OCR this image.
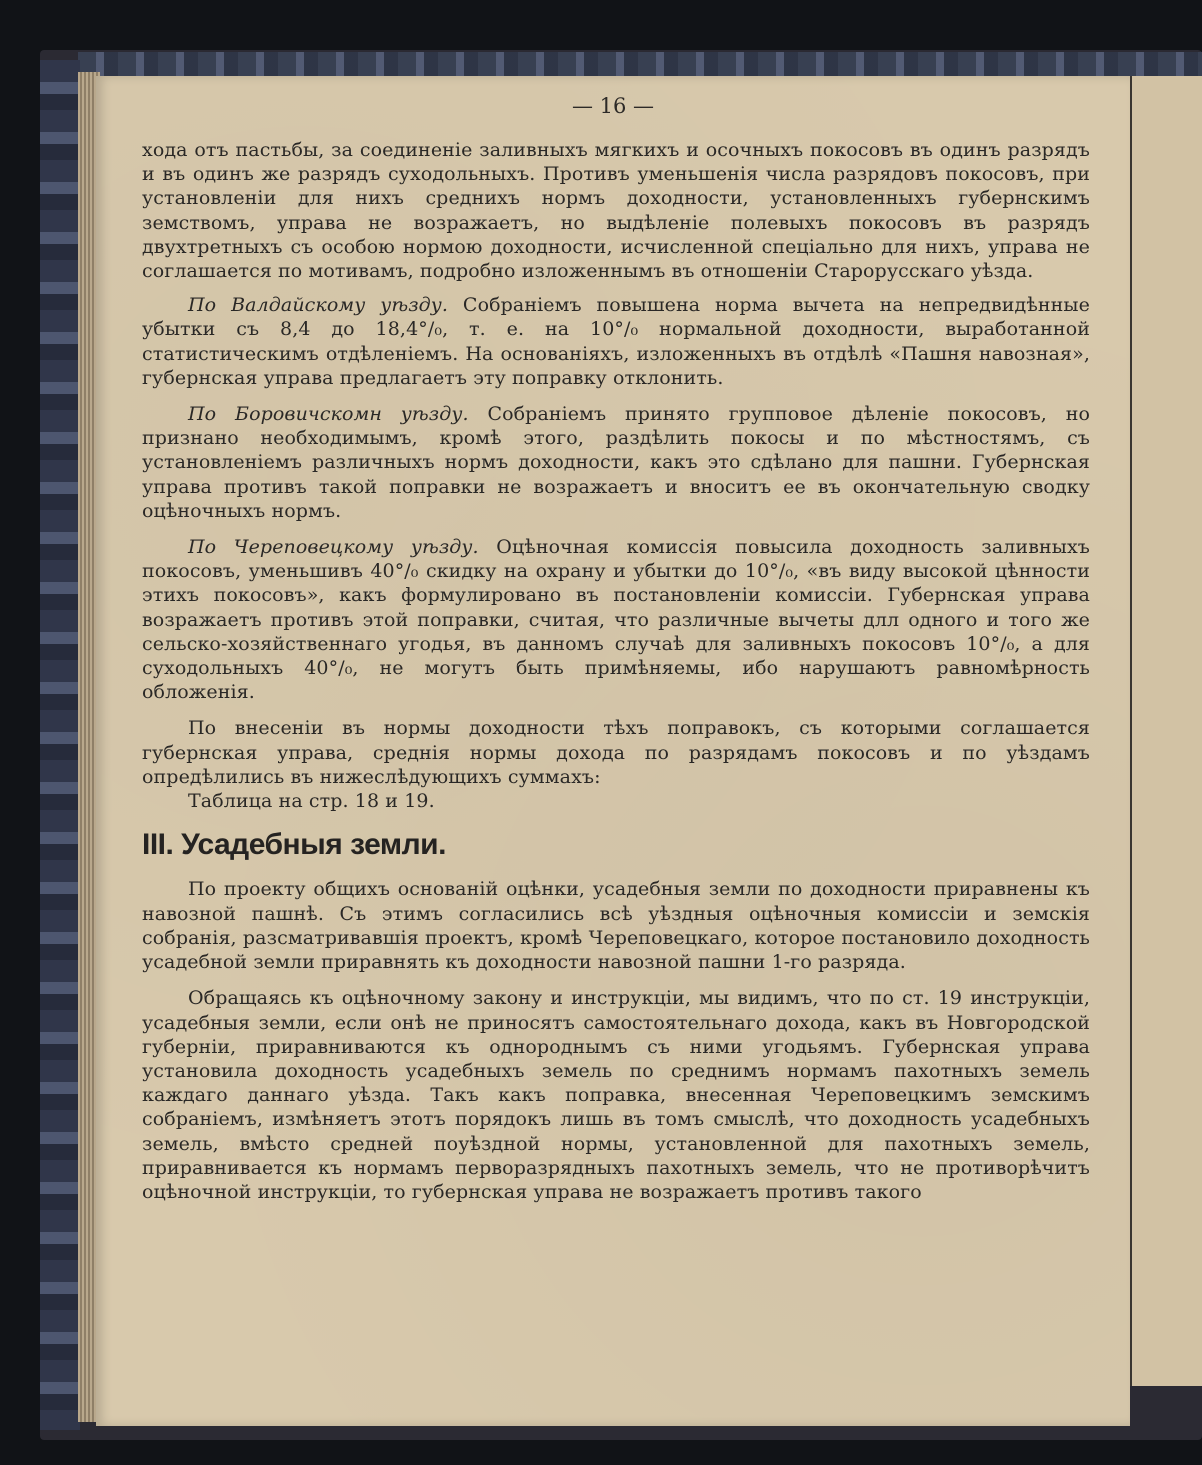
— 16 —

хода отъ пастьбы, за соединеніе заливныхъ мягкихъ и осочныхъ покосовъ въ одинъ разрядъ и въ одинъ же разрядъ суходольныхъ. Противъ уменьшенія числа разрядовъ покосовъ, при установленіи для нихъ среднихъ нормъ доходности, установленныхъ губернскимъ земствомъ, управа не возражаетъ, но выдѣленіе полевыхъ покосовъ въ разрядъ двухтретныхъ съ особою нормою доходности, исчисленной спеціально для нихъ, управа не соглашается по мотивамъ, подробно изложеннымъ въ отношеніи Старорусскаго уѣзда.

По Валдайскому уѣзду. Собраніемъ повышена норма вычета на непредвидѣнные убытки съ 8,4 до 18,4°/₀, т. е. на 10°/₀ нормальной доходности, выработанной статистическимъ отдѣленіемъ. На основаніяхъ, изложенныхъ въ отдѣлѣ «Пашня навозная», губернская управа предлагаетъ эту поправку отклонить.

По Боровичскомн уѣзду. Собраніемъ принято групповое дѣленіе покосовъ, но признано необходимымъ, кромѣ этого, раздѣлить покосы и по мѣстностямъ, съ установленіемъ различныхъ нормъ доходности, какъ это сдѣлано для пашни. Губернская управа противъ такой поправки не возражаетъ и вноситъ ее въ окончательную сводку оцѣночныхъ нормъ.

По Череповецкому уѣзду. Оцѣночная комиссія повысила доходность заливныхъ покосовъ, уменьшивъ 40°/₀ скидку на охрану и убытки до 10°/₀, «въ виду высокой цѣнности этихъ покосовъ», какъ формулировано въ постановленіи комиссіи. Губернская управа возражаетъ противъ этой поправки, считая, что различные вычеты длл одного и того же сельско-хозяйственнаго угодья, въ данномъ случаѣ для заливныхъ покосовъ 10°/₀, а для суходольныхъ 40°/₀, не могутъ быть примѣняемы, ибо нарушаютъ равномѣрность обложенія.

По внесеніи въ нормы доходности тѣхъ поправокъ, съ которыми соглашается губернская управа, среднія нормы дохода по разрядамъ покосовъ и по уѣздамъ опредѣлились въ нижеслѣдующихъ суммахъ:

Таблица на стр. 18 и 19.

III. Усадебныя земли.

По проекту общихъ основаній оцѣнки, усадебныя земли по доходности приравнены къ навозной пашнѣ. Съ этимъ согласились всѣ уѣздныя оцѣночныя комиссіи и земскія собранія, разсматривавшія проектъ, кромѣ Череповецкаго, которое постановило доходность усадебной земли приравнять къ доходности навозной пашни 1-го разряда.

Обращаясь къ оцѣночному закону и инструкціи, мы видимъ, что по ст. 19 инструкціи, усадебныя земли, если онѣ не приносятъ самостоятельнаго дохода, какъ въ Новгородской губерніи, приравниваются къ однороднымъ съ ними угодьямъ. Губернская управа установила доходность усадебныхъ земель по среднимъ нормамъ пахотныхъ земель каждаго даннаго уѣзда. Такъ какъ поправка, внесенная Череповецкимъ земскимъ собраніемъ, измѣняетъ этотъ порядокъ лишь въ томъ смыслѣ, что доходность усадебныхъ земель, вмѣсто средней поуѣздной нормы, установленной для пахотныхъ земель, приравнивается къ нормамъ перворазрядныхъ пахотныхъ земель, что не противорѣчитъ оцѣночной инструкціи, то губернская управа не возражаетъ противъ такого
